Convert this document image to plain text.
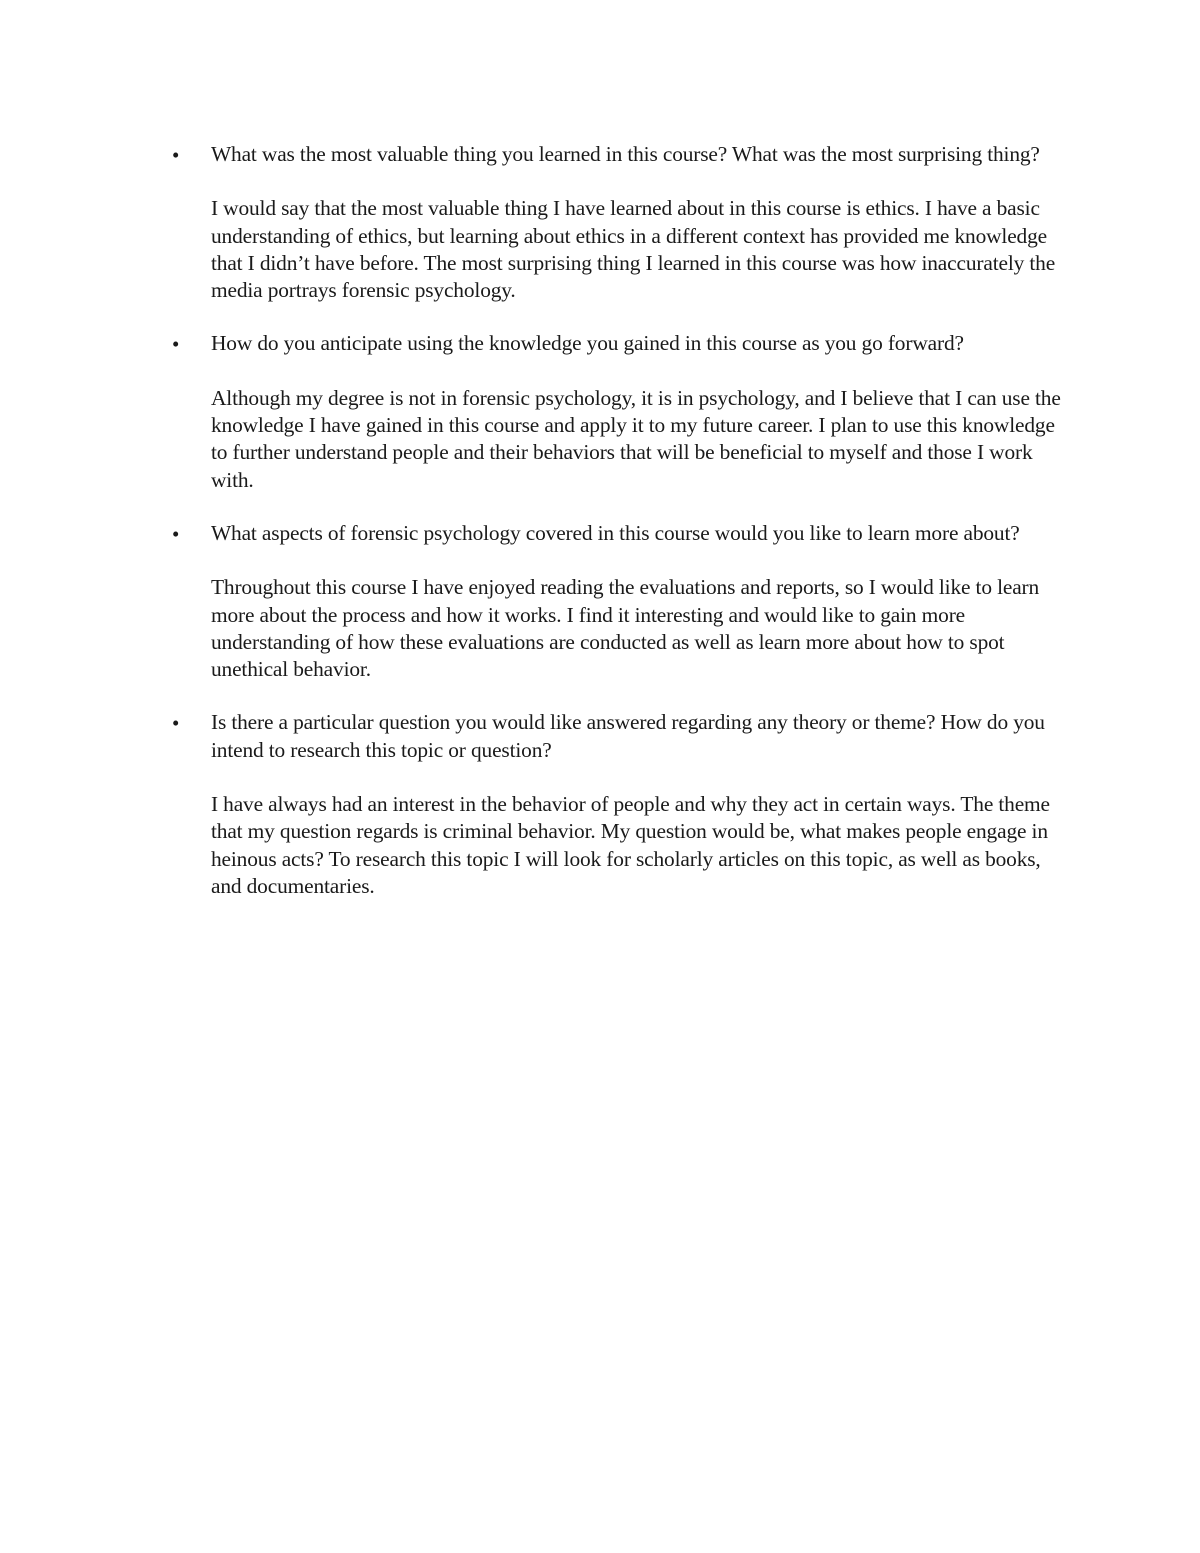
• What was the most valuable thing you learned in this course? What was the most surprising thing?

I would say that the most valuable thing I have learned about in this course is ethics. I have a basic understanding of ethics, but learning about ethics in a different context has provided me knowledge that I didn’t have before. The most surprising thing I learned in this course was how inaccurately the media portrays forensic psychology.

• How do you anticipate using the knowledge you gained in this course as you go forward?

Although my degree is not in forensic psychology, it is in psychology, and I believe that I can use the knowledge I have gained in this course and apply it to my future career. I plan to use this knowledge to further understand people and their behaviors that will be beneficial to myself and those I work with.

• What aspects of forensic psychology covered in this course would you like to learn more about?

Throughout this course I have enjoyed reading the evaluations and reports, so I would like to learn more about the process and how it works. I find it interesting and would like to gain more understanding of how these evaluations are conducted as well as learn more about how to spot unethical behavior.

• Is there a particular question you would like answered regarding any theory or theme? How do you intend to research this topic or question?

I have always had an interest in the behavior of people and why they act in certain ways. The theme that my question regards is criminal behavior. My question would be, what makes people engage in heinous acts? To research this topic I will look for scholarly articles on this topic, as well as books, and documentaries.
